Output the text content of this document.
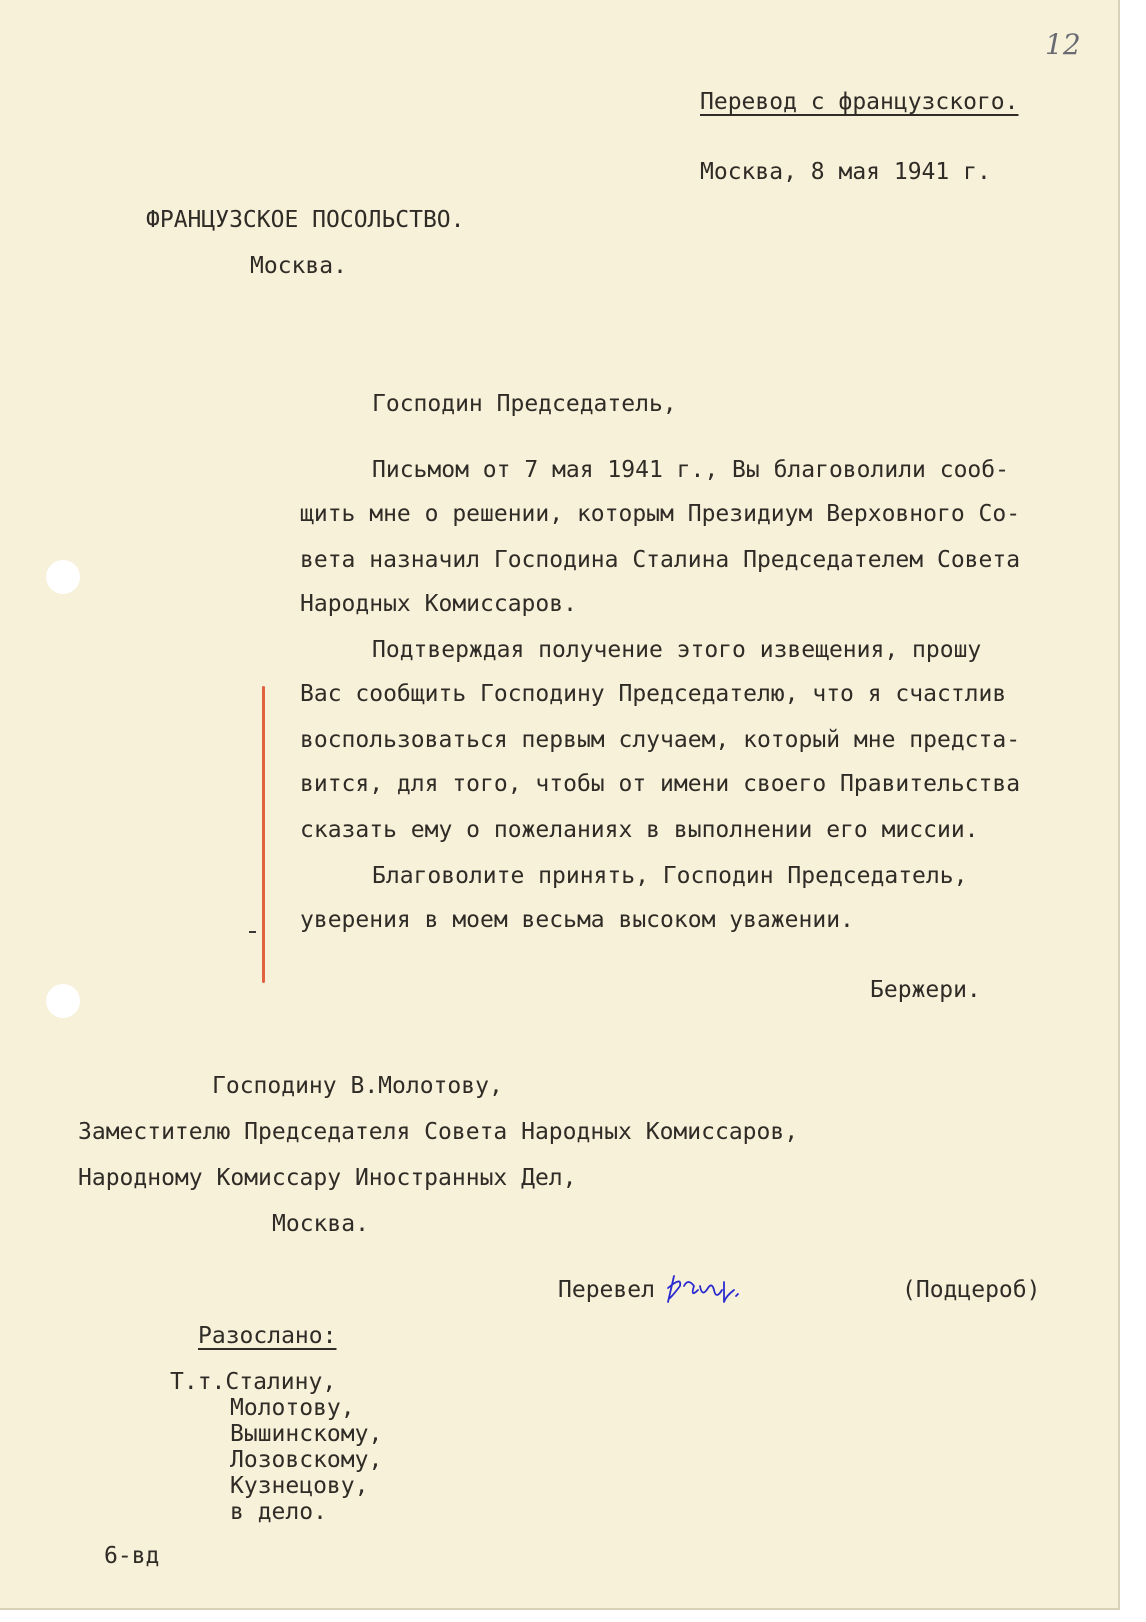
12
Перевод с французского.
Москва, 8 мая 1941 г.
ФРАНЦУЗСКОЕ ПОСОЛЬСТВО.
Москва.
Господин Председатель,
Письмом от 7 мая 1941 г., Вы благоволили сооб-
щить мне о решении, которым Президиум Верховного Со-
вета назначил Господина Сталина Председателем Совета
Народных Комиссаров.
Подтверждая получение этого извещения, прошу
Вас сообщить Господину Председателю, что я счастлив
воспользоваться первым случаем, который мне предста-
вится, для того, чтобы от имени своего Правительства
сказать ему о пожеланиях в выполнении его миссии.
Благоволите принять, Господин Председатель,
уверения в моем весьма высоком уважении.
Бержери.
Господину В.Молотову,
Заместителю Председателя Совета Народных Комиссаров,
Народному Комиссару Иностранных Дел,
Москва.
Перевел	(Подцероб)
Разослано:
Т.т.Сталину,
Молотову,
Вышинскому,
Лозовскому,
Кузнецову,
в дело.
6-вд
